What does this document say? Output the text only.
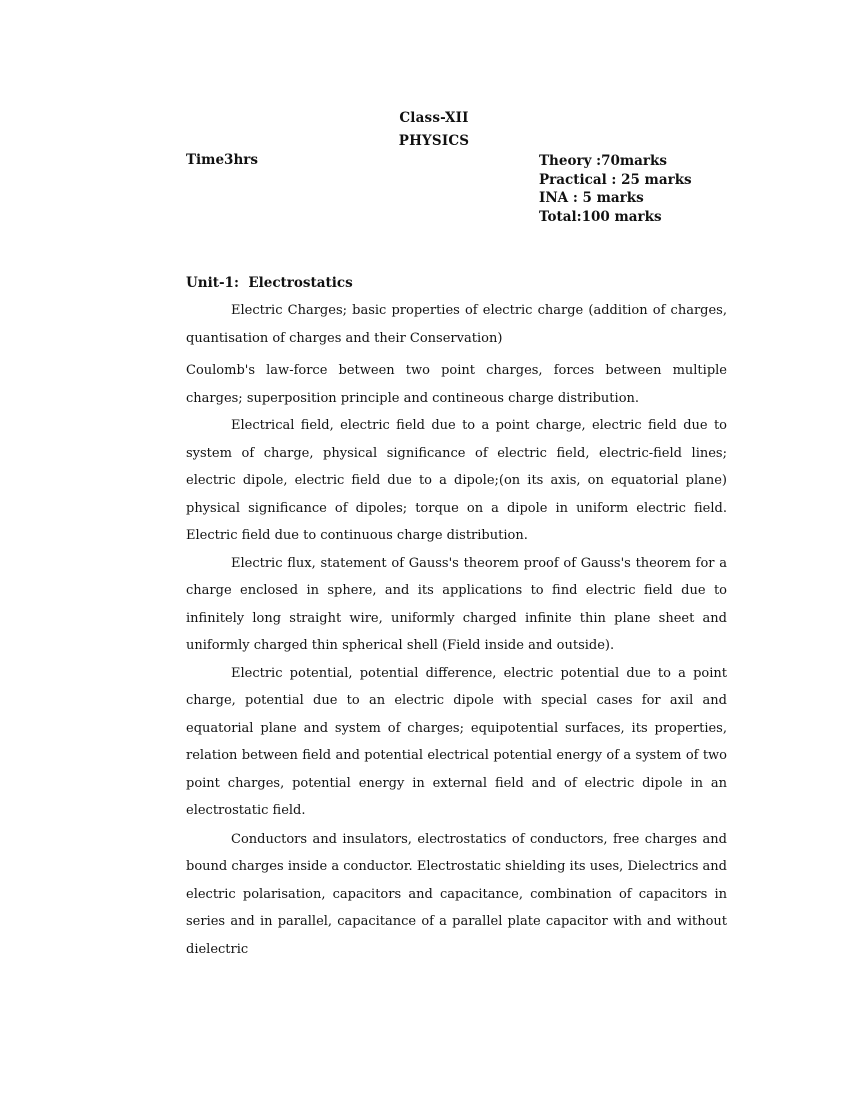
Class-XII
PHYSICS
Time3hrs	Theory :70marks
Practical : 25 marks
INA : 5 marks
Total:100 marks
Unit-1:  Electrostatics

Electric Charges; basic properties of electric charge (addition of charges, quantisation of charges and their Conservation)

Coulomb's law-force between two point charges, forces between multiple charges; superposition principle and contineous charge distribution.

Electrical field, electric field due to a point charge, electric field due to system of charge, physical significance of electric field, electric-field lines; electric dipole, electric field due to a dipole;(on its axis, on equatorial plane) physical significance of dipoles; torque on a dipole in uniform electric field. Electric field due to continuous charge distribution.

Electric flux, statement of Gauss's theorem proof of Gauss's theorem for a charge enclosed in sphere, and its applications to find electric field due to infinitely long straight wire, uniformly charged infinite thin plane sheet and uniformly charged thin spherical shell (Field inside and outside).

Electric potential, potential difference, electric potential due to a point charge, potential due to an electric dipole with special cases for axil and equatorial plane and system of charges; equipotential surfaces, its properties, relation between field and potential electrical potential energy of a system of two point charges, potential energy in external field and of electric dipole in an electrostatic field.

Conductors and insulators, electrostatics of conductors, free charges and bound charges inside a conductor. Electrostatic shielding its uses, Dielectrics and electric polarisation, capacitors and capacitance, combination of capacitors in series and in parallel, capacitance of a parallel plate capacitor with and without dielectric
